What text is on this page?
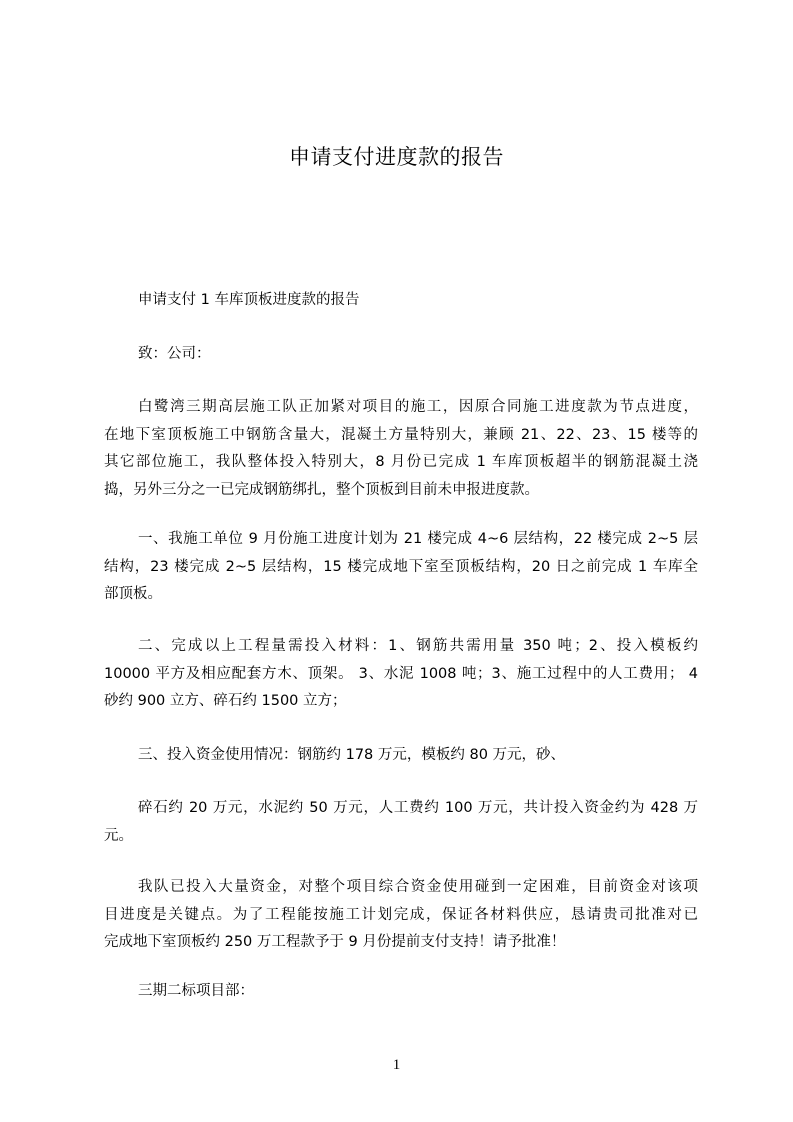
申请支付进度款的报告
申请支付 1 车库顶板进度款的报告
致：公司：
白鹭湾三期高层施工队正加紧对项目的施工，因原合同施工进度款为节点进度，
在地下室顶板施工中钢筋含量大，混凝土方量特别大，兼顾 21、22、23、15 楼等的
其它部位施工，我队整体投入特别大，8 月份已完成 1 车库顶板超半的钢筋混凝土浇
捣，另外三分之一已完成钢筋绑扎，整个顶板到目前未申报进度款。
一、我施工单位 9 月份施工进度计划为 21 楼完成 4~6 层结构，22 楼完成 2~5 层
结构，23 楼完成 2~5 层结构，15 楼完成地下室至顶板结构，20 日之前完成 1 车库全
部顶板。
二、完成以上工程量需投入材料：1、钢筋共需用量 350 吨；2、投入模板约
10000 平方及相应配套方木、顶架。 3、水泥 1008 吨；3、施工过程中的人工费用； 4
砂约 900 立方、碎石约 1500 立方；
三、投入资金使用情况：钢筋约 178 万元，模板约 80 万元，砂、
碎石约 20 万元，水泥约 50 万元，人工费约 100 万元，共计投入资金约为 428 万
元。
我队已投入大量资金，对整个项目综合资金使用碰到一定困难，目前资金对该项
目进度是关键点。为了工程能按施工计划完成，保证各材料供应，恳请贵司批准对已
完成地下室顶板约 250 万工程款予于 9 月份提前支付支持！请予批准！
三期二标项目部：
1
